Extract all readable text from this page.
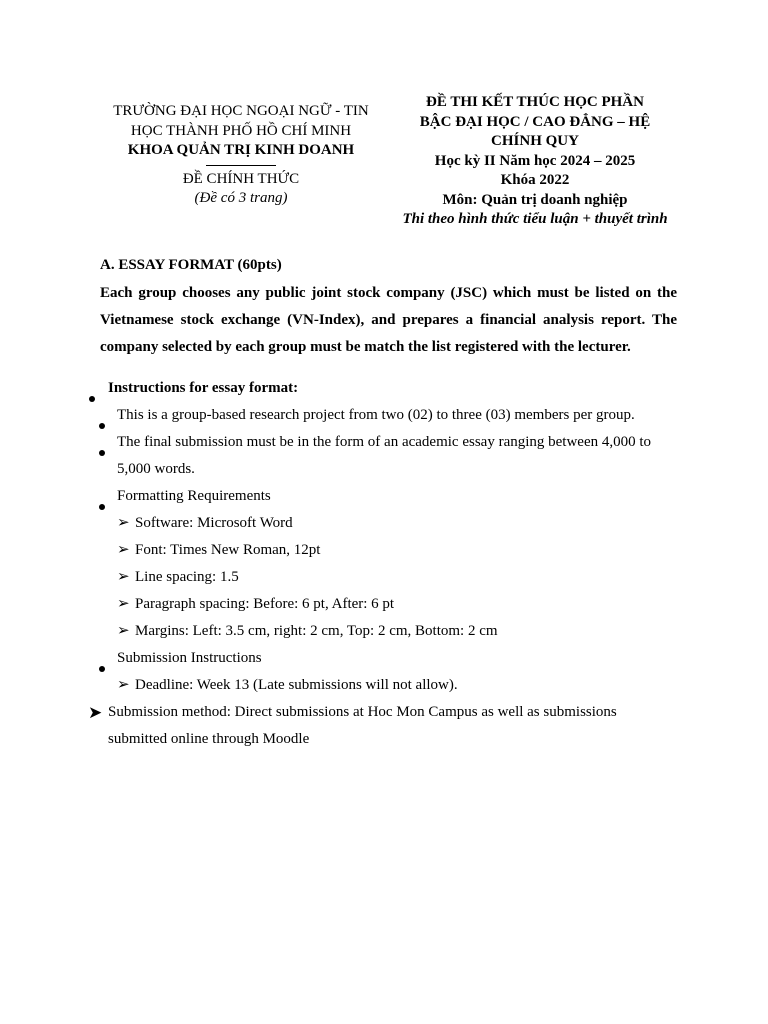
TRƯỜNG ĐẠI HỌC NGOẠI NGỮ - TIN
HỌC THÀNH PHỐ HỒ CHÍ MINH
KHOA QUẢN TRỊ KINH DOANH
ĐỀ CHÍNH THỨC
(Đề có 3 trang)
ĐỀ THI KẾT THÚC HỌC PHẦN
BẬC ĐẠI HỌC / CAO ĐẲNG – HỆ
CHÍNH QUY
Học kỳ II Năm học 2024 – 2025
Khóa 2022
Môn: Quản trị doanh nghiệp
Thi theo hình thức tiểu luận + thuyết trình
A. ESSAY FORMAT (60pts)
Each group chooses any public joint stock company (JSC) which must be listed on the Vietnamese stock exchange (VN-Index), and prepares a financial analysis report. The company selected by each group must be match the list registered with the lecturer.
Instructions for essay format:
This is a group-based research project from two (02) to three (03) members per group.
The final submission must be in the form of an academic essay ranging between 4,000 to
5,000 words.
Formatting Requirements
➢ Software: Microsoft Word
➢ Font: Times New Roman, 12pt
➢ Line spacing: 1.5
➢ Paragraph spacing: Before: 6 pt, After: 6 pt
➢ Margins: Left: 3.5 cm, right: 2 cm, Top: 2 cm, Bottom: 2 cm
Submission Instructions
➢ Deadline: Week 13 (Late submissions will not allow).
➤ Submission method: Direct submissions at Hoc Mon Campus as well as submissions
submitted online through Moodle
